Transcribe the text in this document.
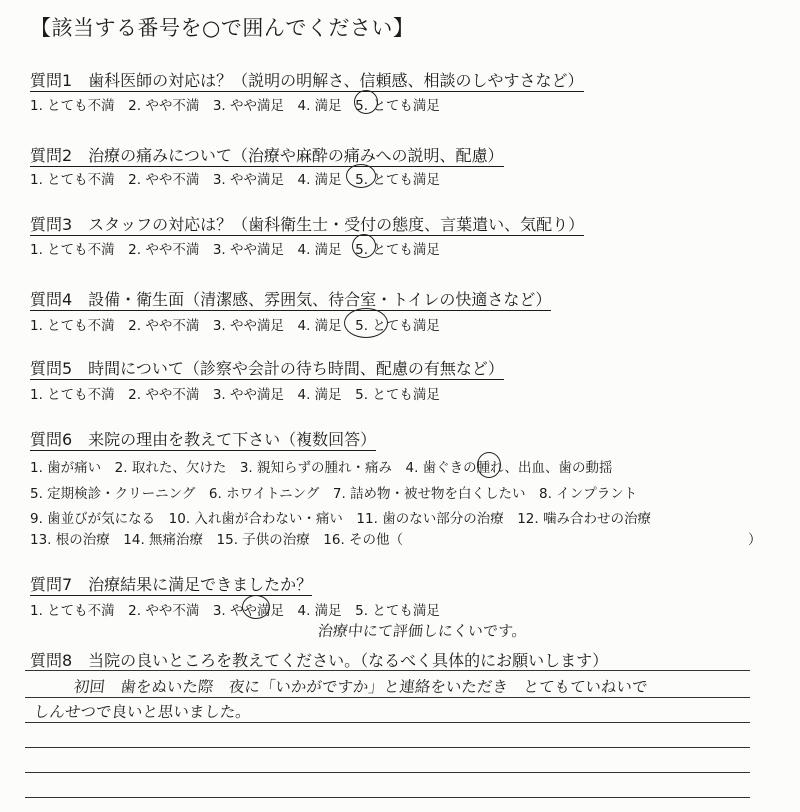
【該当する番号を○で囲んでください】
質問1　歯科医師の対応は？（説明の明解さ、信頼感、相談のしやすさなど）
1. とても不満　2. やや不満　3. やや満足　4. 満足　5. とても満足
質問2　治療の痛みについて（治療や麻酔の痛みへの説明、配慮）
1. とても不満　2. やや不満　3. やや満足　4. 満足　5. とても満足
質問3　スタッフの対応は？（歯科衛生士・受付の態度、言葉遣い、気配り）
1. とても不満　2. やや不満　3. やや満足　4. 満足　5. とても満足
質問4　設備・衛生面（清潔感、雰囲気、待合室・トイレの快適さなど）
1. とても不満　2. やや不満　3. やや満足　4. 満足　5. とても満足
質問5　時間について（診察や会計の待ち時間、配慮の有無など）
1. とても不満　2. やや不満　3. やや満足　4. 満足　5. とても満足
質問6　来院の理由を教えて下さい（複数回答）
1. 歯が痛い　2. 取れた、欠けた　3. 親知らずの腫れ・痛み　4. 歯ぐきの腫れ、出血、歯の動揺
5. 定期検診・クリーニング　6. ホワイトニング　7. 詰め物・被せ物を白くしたい　8. インプラント
9. 歯並びが気になる　10. 入れ歯が合わない・痛い　11. 歯のない部分の治療　12. 噛み合わせの治療
13. 根の治療　14. 無痛治療　15. 子供の治療　16. その他（	）
質問7　治療結果に満足できましたか？
1. とても不満　2. やや不満　3. やや満足　4. 満足　5. とても満足
治療中にて評価しにくいです。
質問8　当院の良いところを教えてください。（なるべく具体的にお願いします）
初回　歯をぬいた際　夜に「いかがですか」と連絡をいただき　とてもていねいで
しんせつで良いと思いました。
